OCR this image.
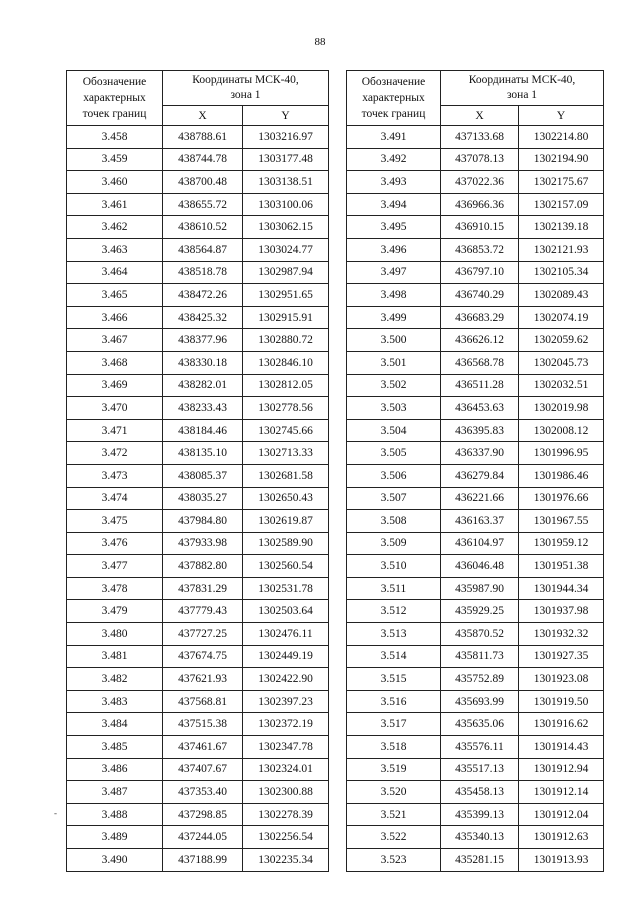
88
Обозначение характерных точек границ	Координаты МСК-40,
зона 1	
	X	Y
3.458	438788.61	1303216.97
3.459	438744.78	1303177.48
3.460	438700.48	1303138.51
3.461	438655.72	1303100.06
3.462	438610.52	1303062.15
3.463	438564.87	1303024.77
3.464	438518.78	1302987.94
3.465	438472.26	1302951.65
3.466	438425.32	1302915.91
3.467	438377.96	1302880.72
3.468	438330.18	1302846.10
3.469	438282.01	1302812.05
3.470	438233.43	1302778.56
3.471	438184.46	1302745.66
3.472	438135.10	1302713.33
3.473	438085.37	1302681.58
3.474	438035.27	1302650.43
3.475	437984.80	1302619.87
3.476	437933.98	1302589.90
3.477	437882.80	1302560.54
3.478	437831.29	1302531.78
3.479	437779.43	1302503.64
3.480	437727.25	1302476.11
3.481	437674.75	1302449.19
3.482	437621.93	1302422.90
3.483	437568.81	1302397.23
3.484	437515.38	1302372.19
3.485	437461.67	1302347.78
3.486	437407.67	1302324.01
3.487	437353.40	1302300.88
3.488	437298.85	1302278.39
3.489	437244.05	1302256.54
3.490	437188.99	1302235.34
Обозначение характерных точек границ	Координаты МСК-40,
зона 1	
	X	Y
3.491	437133.68	1302214.80
3.492	437078.13	1302194.90
3.493	437022.36	1302175.67
3.494	436966.36	1302157.09
3.495	436910.15	1302139.18
3.496	436853.72	1302121.93
3.497	436797.10	1302105.34
3.498	436740.29	1302089.43
3.499	436683.29	1302074.19
3.500	436626.12	1302059.62
3.501	436568.78	1302045.73
3.502	436511.28	1302032.51
3.503	436453.63	1302019.98
3.504	436395.83	1302008.12
3.505	436337.90	1301996.95
3.506	436279.84	1301986.46
3.507	436221.66	1301976.66
3.508	436163.37	1301967.55
3.509	436104.97	1301959.12
3.510	436046.48	1301951.38
3.511	435987.90	1301944.34
3.512	435929.25	1301937.98
3.513	435870.52	1301932.32
3.514	435811.73	1301927.35
3.515	435752.89	1301923.08
3.516	435693.99	1301919.50
3.517	435635.06	1301916.62
3.518	435576.11	1301914.43
3.519	435517.13	1301912.94
3.520	435458.13	1301912.14
3.521	435399.13	1301912.04
3.522	435340.13	1301912.63
3.523	435281.15	1301913.93
-
